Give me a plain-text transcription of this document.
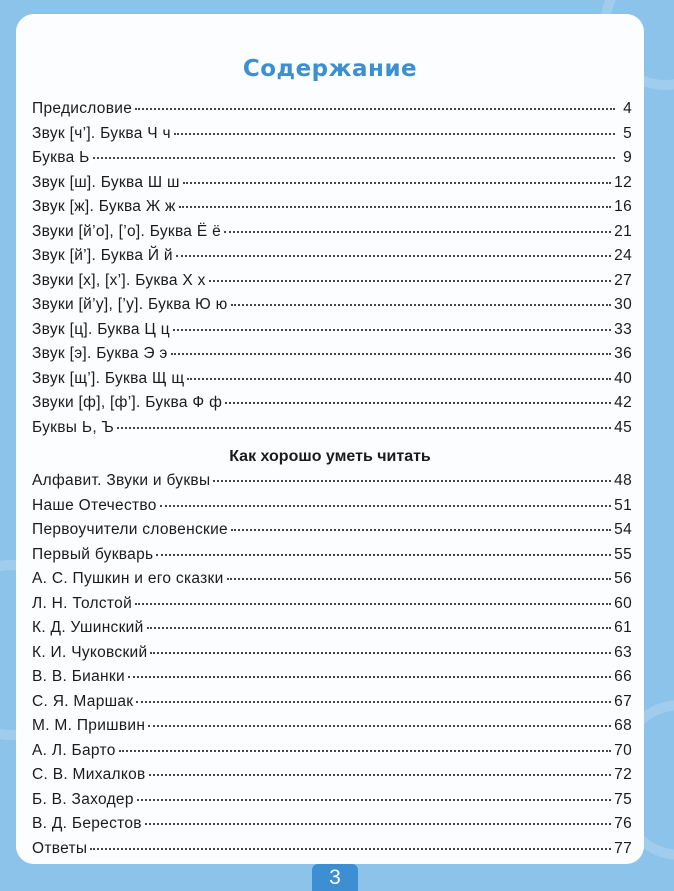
Содержание
Предисловие	4
Звук [ч’]. Буква Ч ч	5
Буква Ь	9
Звук [ш]. Буква Ш ш	12
Звук [ж]. Буква Ж ж	16
Звуки [й’о], [’о]. Буква Ё ё	21
Звук [й’]. Буква Й й	24
Звуки [х], [х’]. Буква Х х	27
Звуки [й’у], [’у]. Буква Ю ю	30
Звук [ц]. Буква Ц ц	33
Звук [э]. Буква Э э	36
Звук [щ’]. Буква Щ щ	40
Звуки [ф], [ф’]. Буква Ф ф	42
Буквы Ь, Ъ	45
Как хорошо уметь читать
Алфавит. Звуки и буквы	48
Наше Отечество	51
Первоучители словенские	54
Первый букварь	55
А. С. Пушкин и его сказки	56
Л. Н. Толстой	60
К. Д. Ушинский	61
К. И. Чуковский	63
В. В. Бианки	66
С. Я. Маршак	67
М. М. Пришвин	68
А. Л. Барто	70
С. В. Михалков	72
Б. В. Заходер	75
В. Д. Берестов	76
Ответы	77
3
